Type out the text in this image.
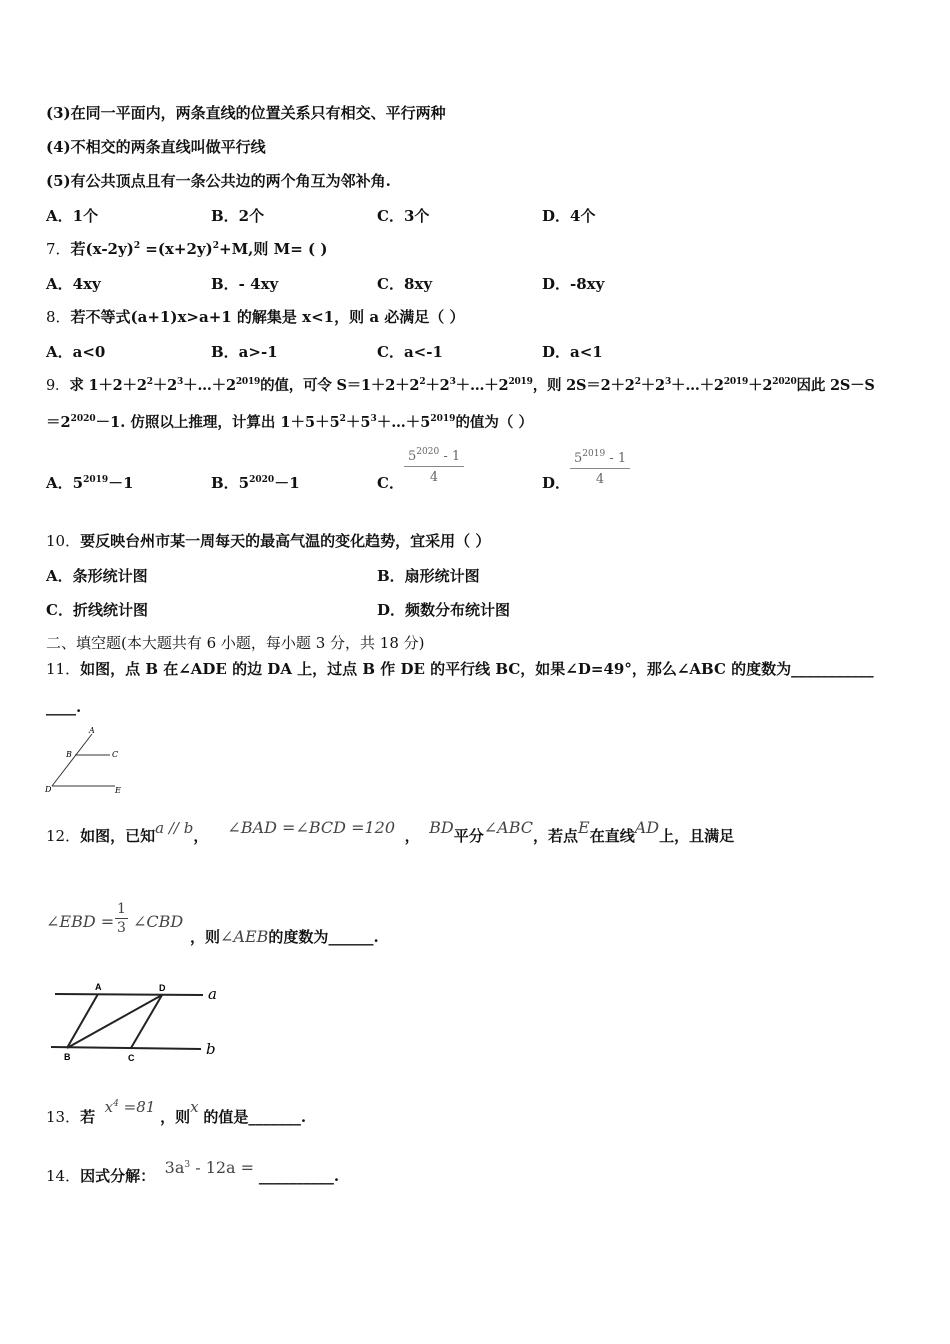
(3)在同一平面内，两条直线的位置关系只有相交、平行两种
(4)不相交的两条直线叫做平行线
(5)有公共顶点且有一条公共边的两个角互为邻补角.
A．1个	B．2个	C．3个	D．4个
7．若$(x-2y)^2 =(x+2y)^2+M$,则 M= ( )
A．4xy	B．- 4xy	C．8xy	D．-8xy
8．若不等式(a+1)x>a+1 的解集是 x<1，则 a 必满足（ ）
A．a<0	B．a>-1	C．a<-1	D．a<1
9．求 $1+2+2^2+2^3+\dots+2^{2019}$的值，可令 $S=1+2+2^2+2^3+\dots+2^{2019}$，则 $2S=2+2^2+2^3+\dots+2^{2019}+2^{2020}$因此 2S－S
$=2^{2020}-1$. 仿照以上推理，计算出 $1+5+5^2+5^3+\dots+5^{2019}$的值为（ ）
A．$5^{2019}-1$	B．$5^{2020}-1$	C． $\frac{5^{2020} - 1}{4}$	D． $\frac{5^{2019} - 1}{4}$
10．要反映台州市某一周每天的最高气温的变化趋势，宜采用（ ）
A．条形统计图	B．扇形统计图
C．折线统计图	D．频数分布统计图
二、填空题(本大题共有 6 小题，每小题 3 分，共 18 分)
11．如图，点 B 在∠ADE 的边 DA 上，过点 B 作 DE 的平行线 BC，如果∠D=49°，那么∠ABC 的度数为___________
____.
A
B	C
D	E
12．如图，已知a // b， ∠BAD =∠BCD =120 ， BD平分∠ABC，若点E在直线AD上，且满足
∠EBD = $\frac{1}{3}$ ∠CBD
，则∠AEB的度数为______.
A	D	a
B	C	b
13．若  $x^4 =81$ ，则x 的值是_______.
14．因式分解： $3a^3 - 12a$ = __________.
